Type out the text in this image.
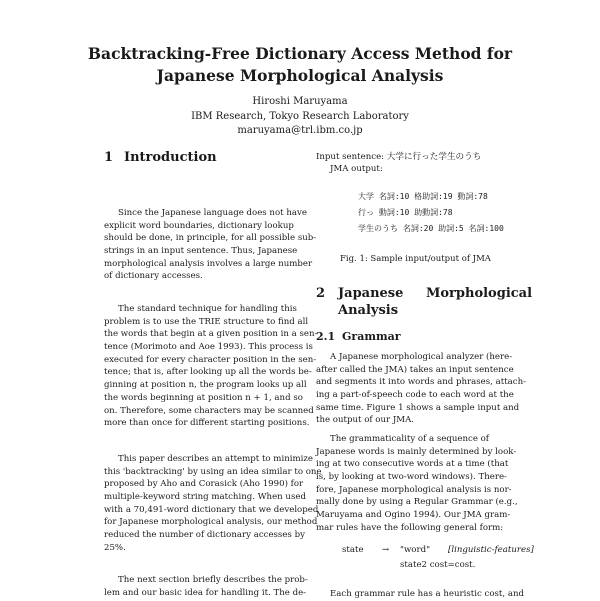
Backtracking-Free Dictionary Access Method for
Japanese Morphological Analysis
Hiroshi Maruyama
IBM Research, Tokyo Research Laboratory
maruyama@trl.ibm.co.jp
1 Introduction
Since the Japanese language does not have
explicit word boundaries, dictionary lookup
should be done, in principle, for all possible sub-
strings in an input sentence. Thus, Japanese
morphological analysis involves a large number
of dictionary accesses.
The standard technique for handling this
problem is to use the TRIE structure to find all
the words that begin at a given position in a sen-
tence (Morimoto and Aoe 1993). This process is
executed for every character position in the sen-
tence; that is, after looking up all the words be-
ginning at position n, the program looks up all
the words beginning at position n + 1, and so
on. Therefore, some characters may be scanned
more than once for different starting positions.
This paper describes an attempt to minimize
this 'backtracking' by using an idea similar to one
proposed by Aho and Corasick (Aho 1990) for
multiple-keyword string matching. When used
with a 70,491-word dictionary that we developed
for Japanese morphological analysis, our method
reduced the number of dictionary accesses by
25%.
The next section briefly describes the prob-
lem and our basic idea for handling it. The de-
Input sentence: 大学に行った学生のうち
JMA output:
大学 名詞:10 格助詞:19 動詞:78
行っ 動詞:10 助動詞:78
学生のうち 名詞:20 助詞:5 名詞:100
Fig. 1: Sample input/output of JMA
2 Japanese Morphological
Analysis
2.1 Grammar
A Japanese morphological analyzer (here-
after called the JMA) takes an input sentence
and segments it into words and phrases, attach-
ing a part-of-speech code to each word at the
same time. Figure 1 shows a sample input and
the output of our JMA.
The grammaticality of a sequence of
Japanese words is mainly determined by look-
ing at two consecutive words at a time (that
is, by looking at two-word windows). There-
fore, Japanese morphological analysis is nor-
mally done by using a Regular Grammar (e.g.,
Maruyama and Ogino 1994). Our JMA gram-
mar rules have the following general form:
state → "word" [linguistic-features]
state2 cost=cost.
Each grammar rule has a heuristic cost, and
